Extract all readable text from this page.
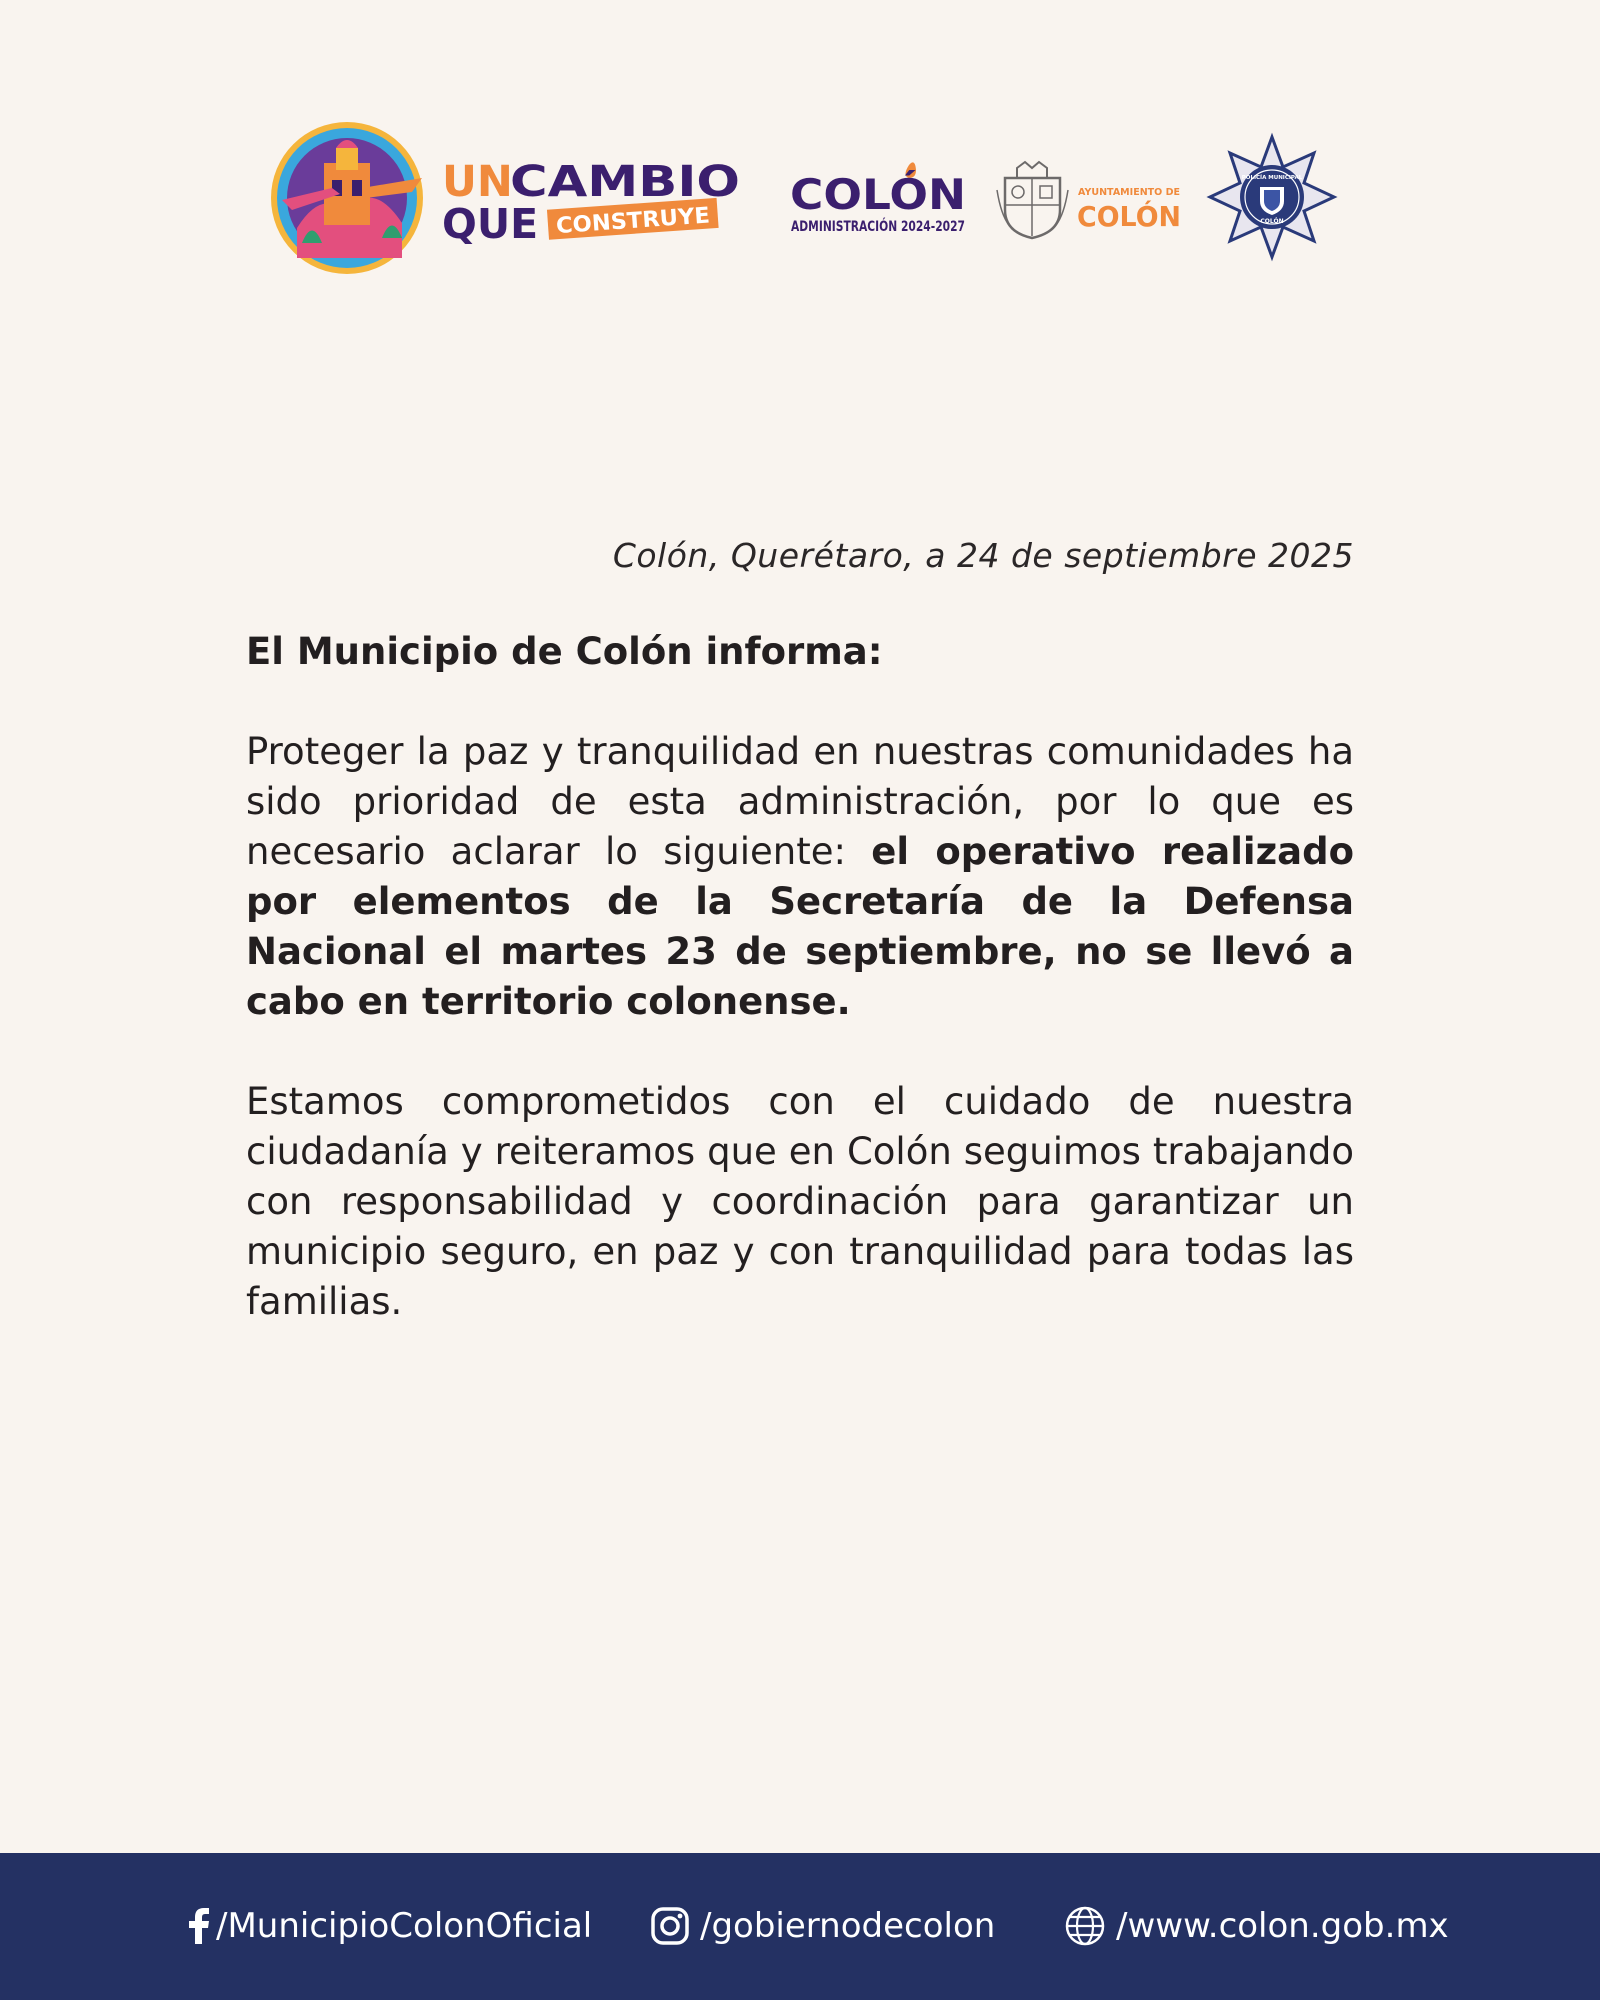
UN
CAMBIO
QUE CONSTRUYE
COLÓN
ADMINISTRACIÓN 2024-2027
AYUNTAMIENTO DE
COLÓN
POLICÍA MUNICIPAL
COLÓN
Colón, Querétaro, a 24 de septiembre 2025

El Municipio de Colón informa:

Proteger la paz y tranquilidad en nuestras comunidades ha sido prioridad de esta administración, por lo que es necesario aclarar lo siguiente: el operativo realizado por elementos de la Secretaría de la Defensa Nacional el martes 23 de septiembre, no se llevó a cabo en territorio colonense.

Estamos comprometidos con el cuidado de nuestra ciudadanía y reiteramos que en Colón seguimos trabajando con responsabilidad y coordinación para garantizar un municipio seguro, en paz y con tranquilidad para todas las familias.

/MunicipioColonOficial	/gobiernodecolon	/www.colon.gob.mx
